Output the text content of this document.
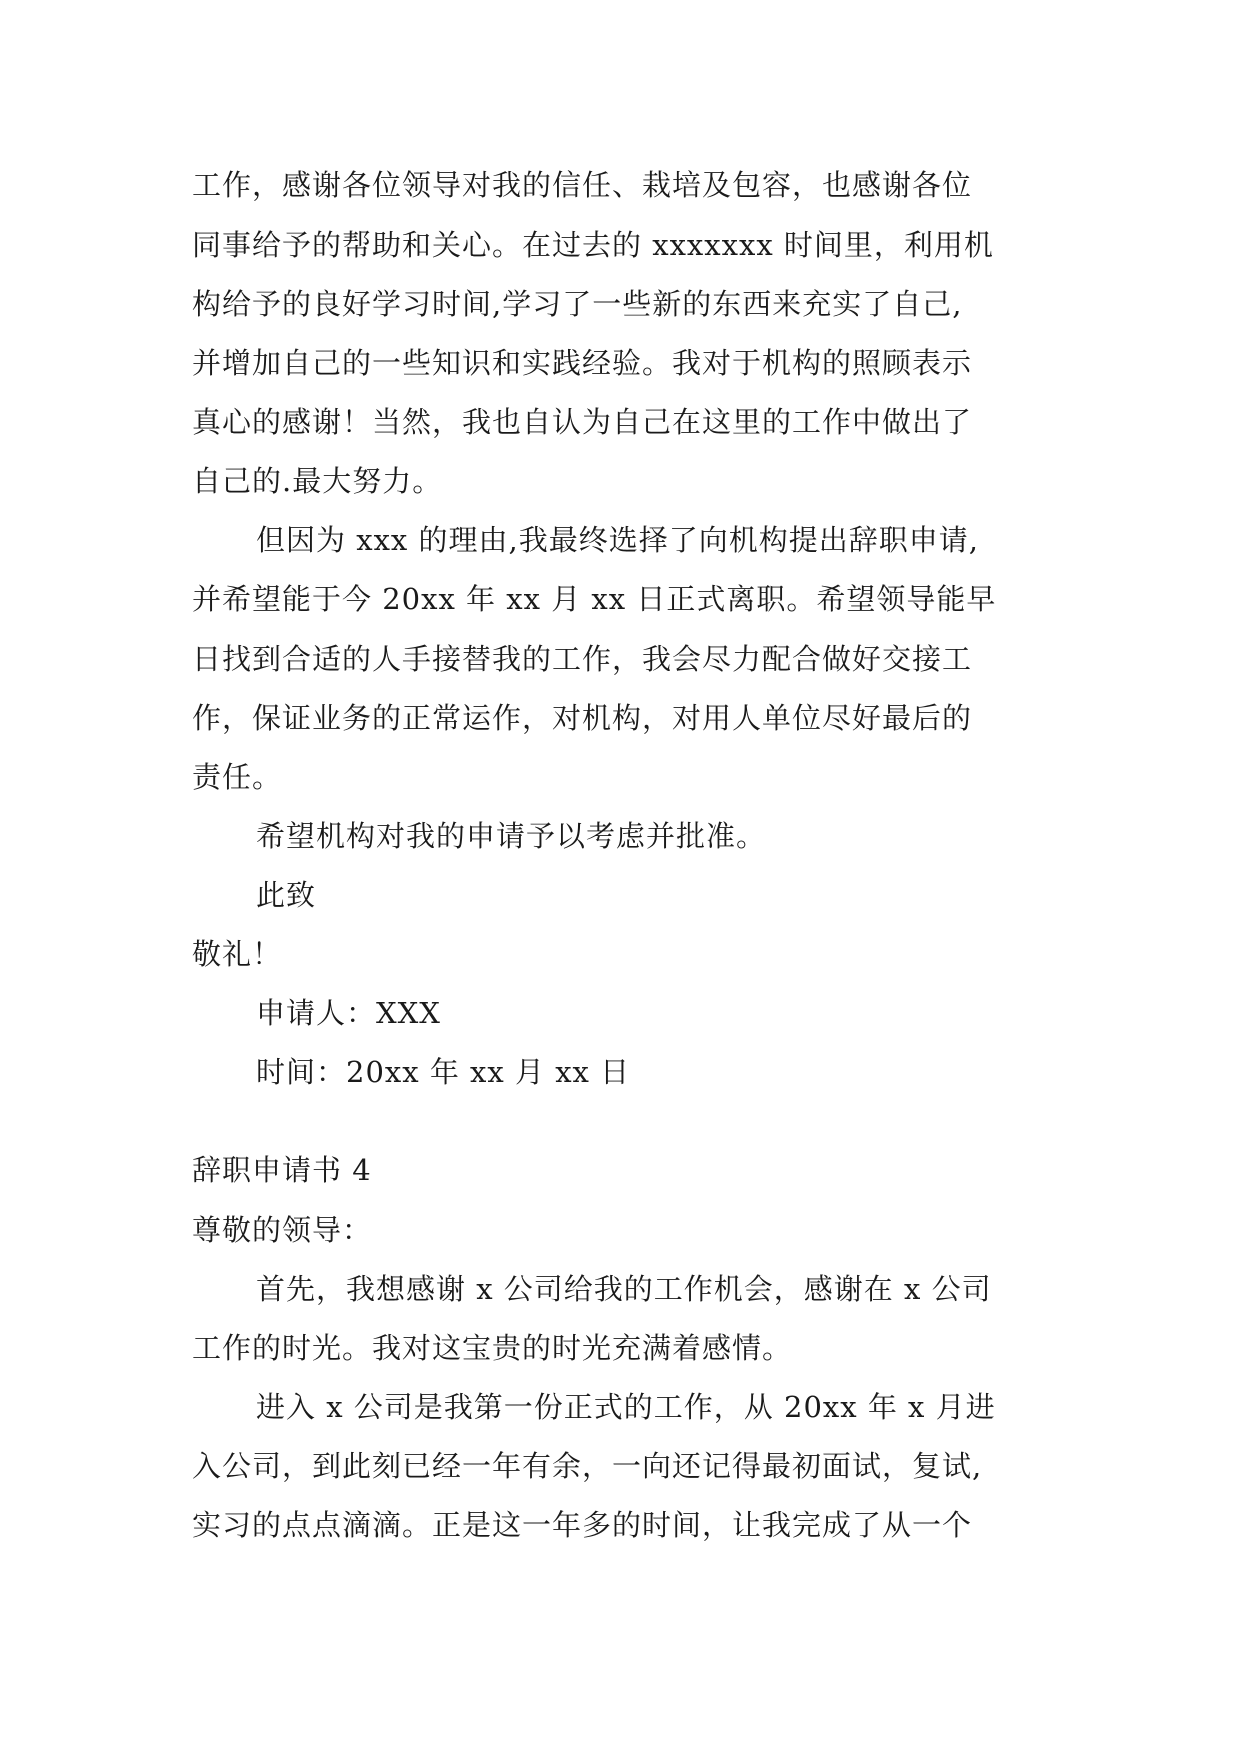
工作，感谢各位领导对我的信任、栽培及包容，也感谢各位
同事给予的帮助和关心。在过去的 xxxxxxx 时间里，利用机
构给予的良好学习时间,学习了一些新的东西来充实了自己,
并增加自己的一些知识和实践经验。我对于机构的照顾表示
真心的感谢！当然，我也自认为自己在这里的工作中做出了
自己的.最大努力。
但因为 xxx 的理由,我最终选择了向机构提出辞职申请,
并希望能于今 20xx 年 xx 月 xx 日正式离职。希望领导能早
日找到合适的人手接替我的工作，我会尽力配合做好交接工
作，保证业务的正常运作，对机构，对用人单位尽好最后的
责任。
希望机构对我的申请予以考虑并批准。
此致
敬礼！
申请人：XXX
时间：20xx 年 xx 月 xx 日
辞职申请书 4
尊敬的领导：
首先，我想感谢 x 公司给我的工作机会，感谢在 x 公司
工作的时光。我对这宝贵的时光充满着感情。
进入 x 公司是我第一份正式的工作，从 20xx 年 x 月进
入公司，到此刻已经一年有余，一向还记得最初面试，复试,
实习的点点滴滴。正是这一年多的时间，让我完成了从一个
